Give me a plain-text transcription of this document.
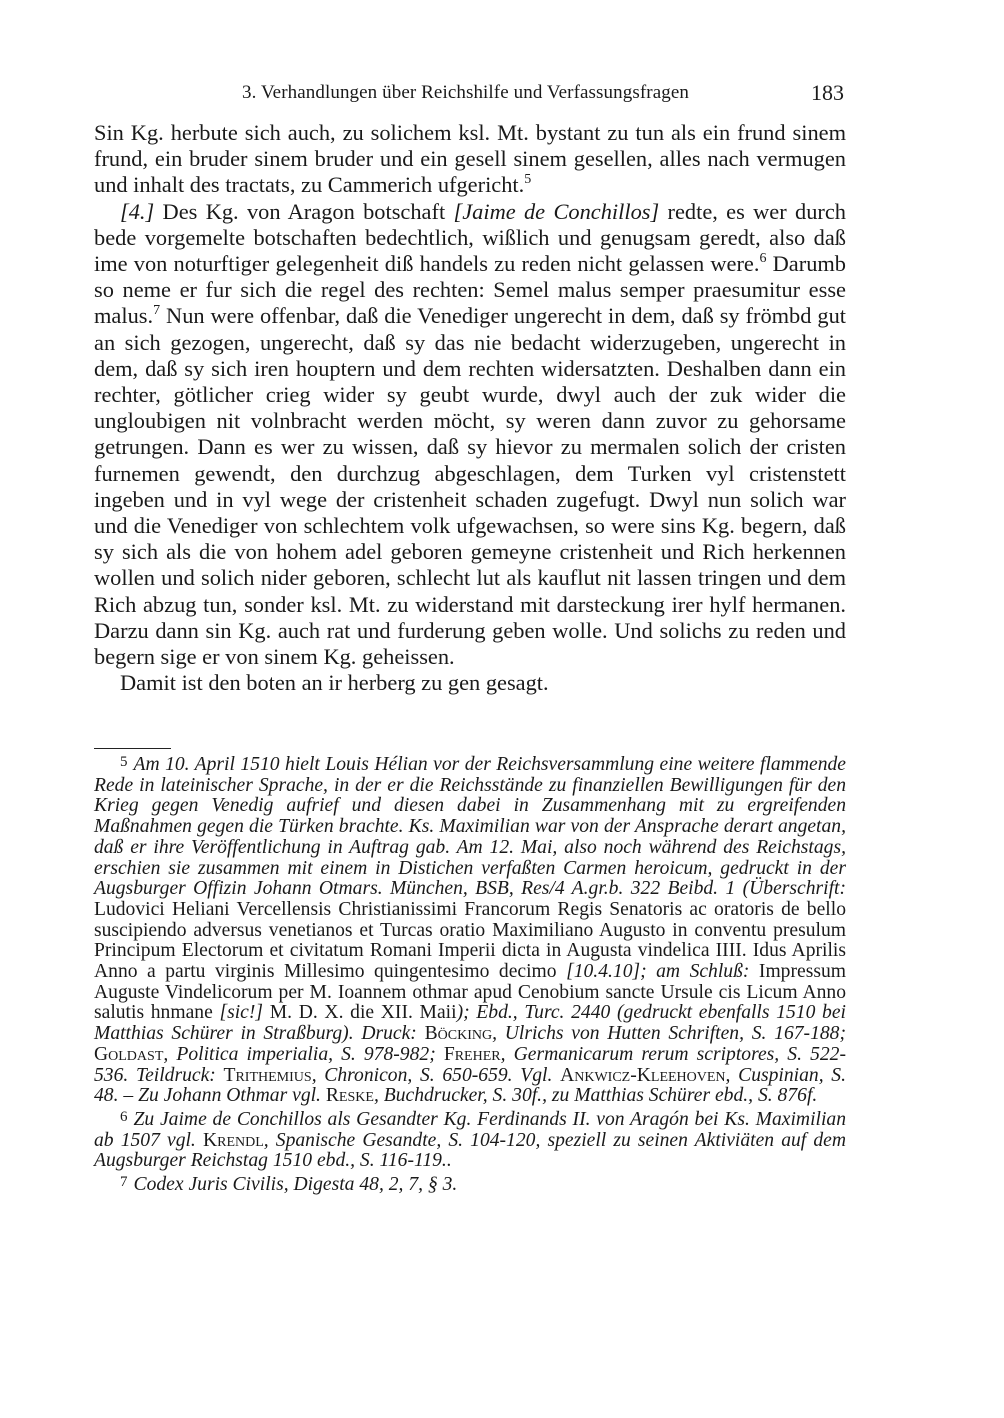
3. Verhandlungen über Reichshilfe und Verfassungsfragen	183

Sin Kg. herbute sich auch, zu solichem ksl. Mt. bystant zu tun als ein frund sinem frund, ein bruder sinem bruder und ein gesell sinem gesellen, alles nach vermugen und inhalt des tractats, zu Cammerich ufgericht.$^5$

[4.] Des Kg. von Aragon botschaft [Jaime de Conchillos] redte, es wer durch bede vorgemelte botschaften bedechtlich, wißlich und genugsam geredt, also daß ime von noturftiger gelegenheit diß handels zu reden nicht gelassen were.$^6$ Darumb so neme er fur sich die regel des rechten: Semel malus semper praesumitur esse malus.$^7$ Nun were offenbar, daß die Venediger ungerecht in dem, daß sy frömbd gut an sich gezogen, ungerecht, daß sy das nie bedacht widerzugeben, ungerecht in dem, daß sy sich iren houptern und dem rechten widersatzten. Deshalben dann ein rechter, götlicher crieg wider sy geubt wurde, dwyl auch der zuk wider die ungloubigen nit volnbracht werden möcht, sy weren dann zuvor zu gehorsame getrungen. Dann es wer zu wissen, daß sy hievor zu mermalen solich der cristen furnemen gewendt, den durchzug abgeschlagen, dem Turken vyl cristenstett ingeben und in vyl wege der cristenheit schaden zugefugt. Dwyl nun solich war und die Venediger von schlechtem volk ufgewachsen, so were sins Kg. begern, daß sy sich als die von hohem adel geboren gemeyne cristenheit und Rich herkennen wollen und solich nider geboren, schlecht lut als kauflut nit lassen tringen und dem Rich abzug tun, sonder ksl. Mt. zu widerstand mit darsteckung irer hylf hermanen. Darzu dann sin Kg. auch rat und furderung geben wolle. Und solichs zu reden und begern sige er von sinem Kg. geheissen.

Damit ist den boten an ir herberg zu gen gesagt.

$^5$ Am 10. April 1510 hielt Louis Hélian vor der Reichsversammlung eine weitere flammende Rede in lateinischer Sprache, in der er die Reichsstände zu finanziellen Bewilligungen für den Krieg gegen Venedig aufrief und diesen dabei in Zusammenhang mit zu ergreifenden Maßnahmen gegen die Türken brachte. Ks. Maximilian war von der Ansprache derart angetan, daß er ihre Veröffentlichung in Auftrag gab. Am 12. Mai, also noch während des Reichstags, erschien sie zusammen mit einem in Distichen verfaßten Carmen heroicum, gedruckt in der Augsburger Offizin Johann Otmars. München, BSB, Res/4 A.gr.b. 322 Beibd. 1 (Überschrift: Ludovici Heliani Vercellensis Christianissimi Francorum Regis Senatoris ac oratoris de bello suscipiendo adversus venetianos et Turcas oratio Maximiliano Augusto in conventu presulum Principum Electorum et civitatum Romani Imperii dicta in Augusta vindelica IIII. Idus Aprilis Anno a partu virginis Millesimo quingentesimo decimo [10.4.10]; am Schluß: Impressum Auguste Vindelicorum per M. Ioannem othmar apud Cenobium sancte Ursule cis Licum Anno salutis hnmane [sic!] M. D. X. die XII. Maii); Ebd., Turc. 2440 (gedruckt ebenfalls 1510 bei Matthias Schürer in Straßburg). Druck: Böcking, Ulrichs von Hutten Schriften, S. 167-188; Goldast, Politica imperialia, S. 978-982; Freher, Germanicarum rerum scriptores, S. 522-536. Teildruck: Trithemius, Chronicon, S. 650-659. Vgl. Ankwicz-Kleehoven, Cuspinian, S. 48. – Zu Johann Othmar vgl. Reske, Buchdrucker, S. 30f., zu Matthias Schürer ebd., S. 876f.

$^6$ Zu Jaime de Conchillos als Gesandter Kg. Ferdinands II. von Aragón bei Ks. Maximilian ab 1507 vgl. Krendl, Spanische Gesandte, S. 104-120, speziell zu seinen Aktiviäten auf dem Augsburger Reichstag 1510 ebd., S. 116-119..

$^7$ Codex Juris Civilis, Digesta 48, 2, 7, § 3.
